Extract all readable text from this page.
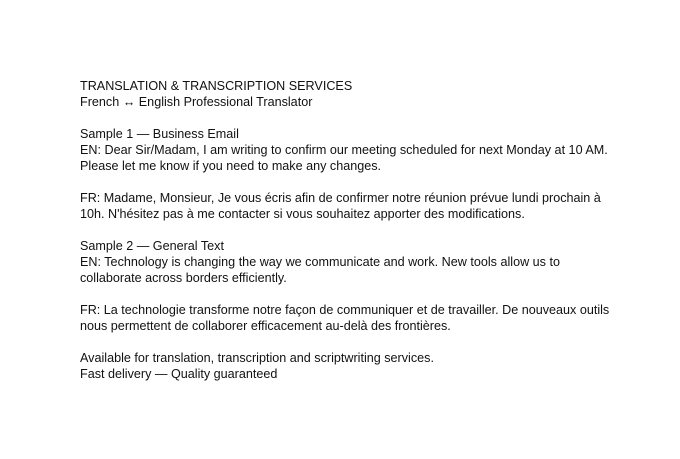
TRANSLATION & TRANSCRIPTION SERVICES
French ↔ English Professional Translator
Sample 1 — Business Email
EN: Dear Sir/Madam, I am writing to confirm our meeting scheduled for next Monday at 10 AM.
Please let me know if you need to make any changes.
FR: Madame, Monsieur, Je vous écris afin de confirmer notre réunion prévue lundi prochain à
10h. N'hésitez pas à me contacter si vous souhaitez apporter des modifications.
Sample 2 — General Text
EN: Technology is changing the way we communicate and work. New tools allow us to
collaborate across borders efficiently.
FR: La technologie transforme notre façon de communiquer et de travailler. De nouveaux outils
nous permettent de collaborer efficacement au-delà des frontières.
Available for translation, transcription and scriptwriting services.
Fast delivery — Quality guaranteed
